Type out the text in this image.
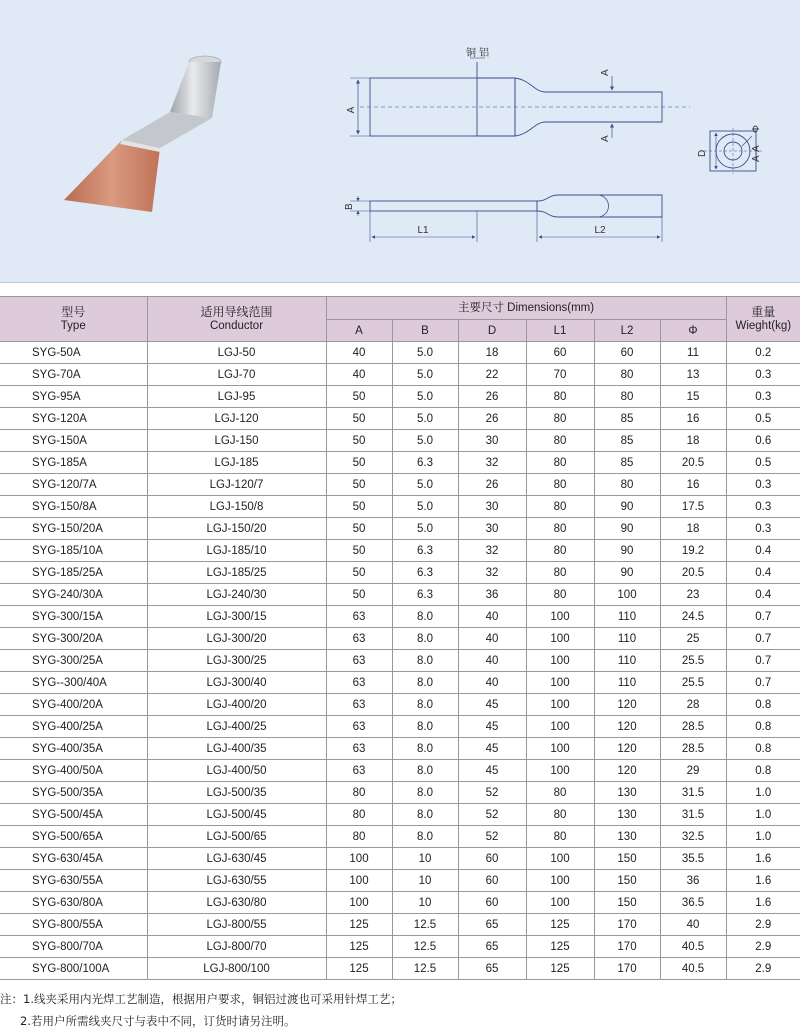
铜 铝
A
A
A
D
Φ
A-A
B
L1	L2
型号
Type	适用导线范围
Conductor	主要尺寸 Dimensions(mm)						重量
Wieght(kg)

		A	B	D	L1	L2	Φ	
SYG-50A	LGJ-50	40	5.0	18	60	60	11	0.2
SYG-70A	LGJ-70	40	5.0	22	70	80	13	0.3
SYG-95A	LGJ-95	50	5.0	26	80	80	15	0.3
SYG-120A	LGJ-120	50	5.0	26	80	85	16	0.5
SYG-150A	LGJ-150	50	5.0	30	80	85	18	0.6
SYG-185A	LGJ-185	50	6.3	32	80	85	20.5	0.5
SYG-120/7A	LGJ-120/7	50	5.0	26	80	80	16	0.3
SYG-150/8A	LGJ-150/8	50	5.0	30	80	90	17.5	0.3
SYG-150/20A	LGJ-150/20	50	5.0	30	80	90	18	0.3
SYG-185/10A	LGJ-185/10	50	6.3	32	80	90	19.2	0.4
SYG-185/25A	LGJ-185/25	50	6.3	32	80	90	20.5	0.4
SYG-240/30A	LGJ-240/30	50	6.3	36	80	100	23	0.4
SYG-300/15A	LGJ-300/15	63	8.0	40	100	110	24.5	0.7
SYG-300/20A	LGJ-300/20	63	8.0	40	100	110	25	0.7
SYG-300/25A	LGJ-300/25	63	8.0	40	100	110	25.5	0.7
SYG--300/40A	LGJ-300/40	63	8.0	40	100	110	25.5	0.7
SYG-400/20A	LGJ-400/20	63	8.0	45	100	120	28	0.8
SYG-400/25A	LGJ-400/25	63	8.0	45	100	120	28.5	0.8
SYG-400/35A	LGJ-400/35	63	8.0	45	100	120	28.5	0.8
SYG-400/50A	LGJ-400/50	63	8.0	45	100	120	29	0.8
SYG-500/35A	LGJ-500/35	80	8.0	52	80	130	31.5	1.0
SYG-500/45A	LGJ-500/45	80	8.0	52	80	130	31.5	1.0
SYG-500/65A	LGJ-500/65	80	8.0	52	80	130	32.5	1.0
SYG-630/45A	LGJ-630/45	100	10	60	100	150	35.5	1.6
SYG-630/55A	LGJ-630/55	100	10	60	100	150	36	1.6
SYG-630/80A	LGJ-630/80	100	10	60	100	150	36.5	1.6
SYG-800/55A	LGJ-800/55	125	12.5	65	125	170	40	2.9
SYG-800/70A	LGJ-800/70	125	12.5	65	125	170	40.5	2.9
SYG-800/100A	LGJ-800/100	125	12.5	65	125	170	40.5	2.9
注：1.线夹采用内光焊工艺制造，根据用户要求，铜铝过渡也可采用针焊工艺；
2.若用户所需线夹尺寸与表中不同，订货时请另注明。
